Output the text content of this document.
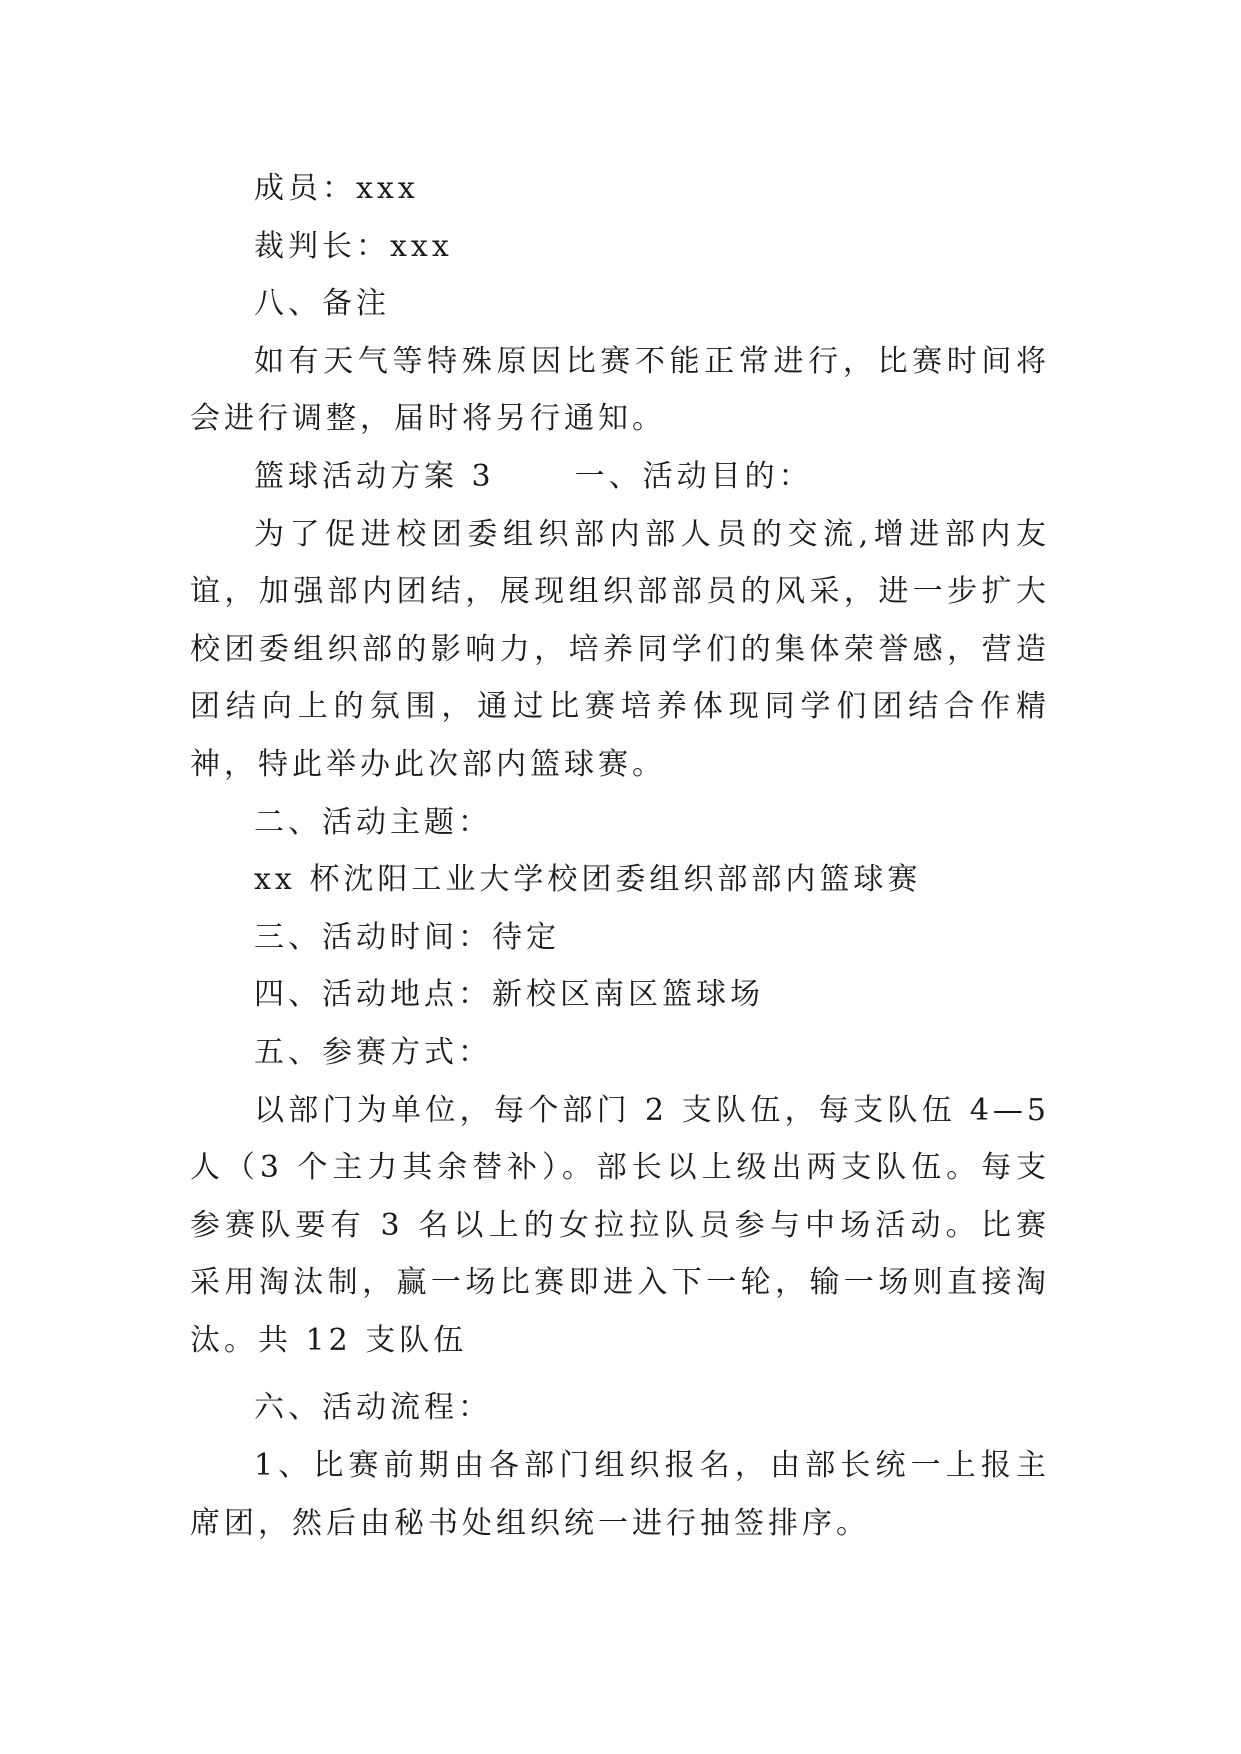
成员：xxx

裁判长：xxx

八、备注

如有天气等特殊原因比赛不能正常进行，比赛时间将会进行调整，届时将另行通知。

篮球活动方案 3	一、活动目的：

为了促进校团委组织部内部人员的交流,增进部内友谊，加强部内团结，展现组织部部员的风采，进一步扩大校团委组织部的影响力，培养同学们的集体荣誉感，营造团结向上的氛围，通过比赛培养体现同学们团结合作精神，特此举办此次部内篮球赛。

二、活动主题：

xx 杯沈阳工业大学校团委组织部部内篮球赛

三、活动时间：待定

四、活动地点：新校区南区篮球场

五、参赛方式：

以部门为单位，每个部门 2 支队伍，每支队伍 4—5 人（3 个主力其余替补）。部长以上级出两支队伍。每支参赛队要有 3 名以上的女拉拉队员参与中场活动。比赛采用淘汰制，赢一场比赛即进入下一轮，输一场则直接淘汰。共 12 支队伍

六、活动流程：

1、比赛前期由各部门组织报名，由部长统一上报主席团，然后由秘书处组织统一进行抽签排序。
